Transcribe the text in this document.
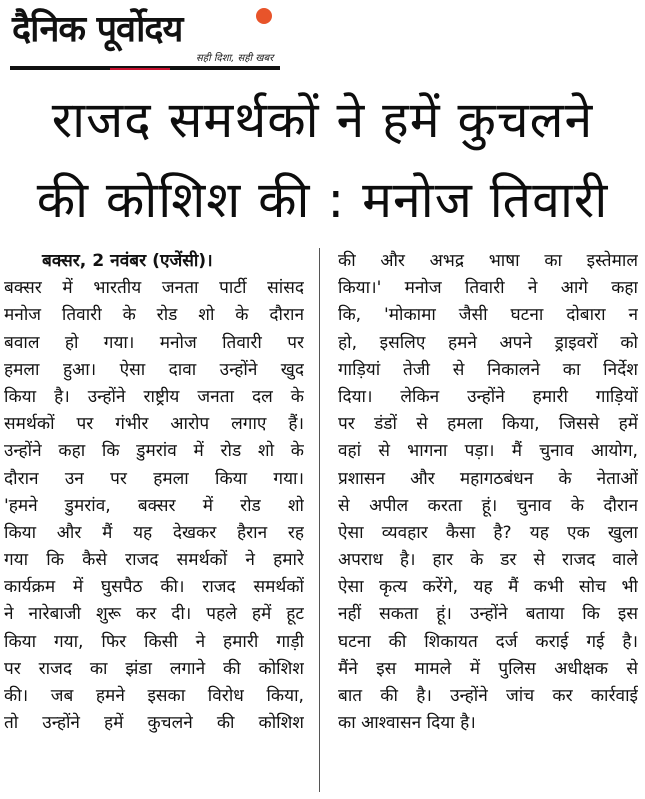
दैनिक पूर्वोदय
सही दिशा, सही खबर
राजद समर्थकों ने हमें कुचलने
की कोशिश की : मनोज तिवारी
बक्सर, 2 नवंबर (एजेंसी)।
बक्सर में भारतीय जनता पार्टी सांसद
मनोज तिवारी के रोड शो के दौरान
बवाल हो गया। मनोज तिवारी पर
हमला हुआ। ऐसा दावा उन्होंने खुद
किया है। उन्होंने राष्ट्रीय जनता दल के
समर्थकों पर गंभीर आरोप लगाए हैं।
उन्होंने कहा कि डुमरांव में रोड शो के
दौरान उन पर हमला किया गया।
'हमने डुमरांव, बक्सर में रोड शो
किया और मैं यह देखकर हैरान रह
गया कि कैसे राजद समर्थकों ने हमारे
कार्यक्रम में घुसपैठ की। राजद समर्थकों
ने नारेबाजी शुरू कर दी। पहले हमें हूट
किया गया, फिर किसी ने हमारी गाड़ी
पर राजद का झंडा लगाने की कोशिश
की। जब हमने इसका विरोध किया,
तो उन्होंने हमें कुचलने की कोशिश
की और अभद्र भाषा का इस्तेमाल
किया।' मनोज तिवारी ने आगे कहा
कि, 'मोकामा जैसी घटना दोबारा न
हो, इसलिए हमने अपने ड्राइवरों को
गाड़ियां तेजी से निकालने का निर्देश
दिया। लेकिन उन्होंने हमारी गाड़ियों
पर डंडों से हमला किया, जिससे हमें
वहां से भागना पड़ा। मैं चुनाव आयोग,
प्रशासन और महागठबंधन के नेताओं
से अपील करता हूं। चुनाव के दौरान
ऐसा व्यवहार कैसा है? यह एक खुला
अपराध है। हार के डर से राजद वाले
ऐसा कृत्य करेंगे, यह मैं कभी सोच भी
नहीं सकता हूं। उन्होंने बताया कि इस
घटना की शिकायत दर्ज कराई गई है।
मैंने इस मामले में पुलिस अधीक्षक से
बात की है। उन्होंने जांच कर कार्रवाई
का आश्वासन दिया है।
